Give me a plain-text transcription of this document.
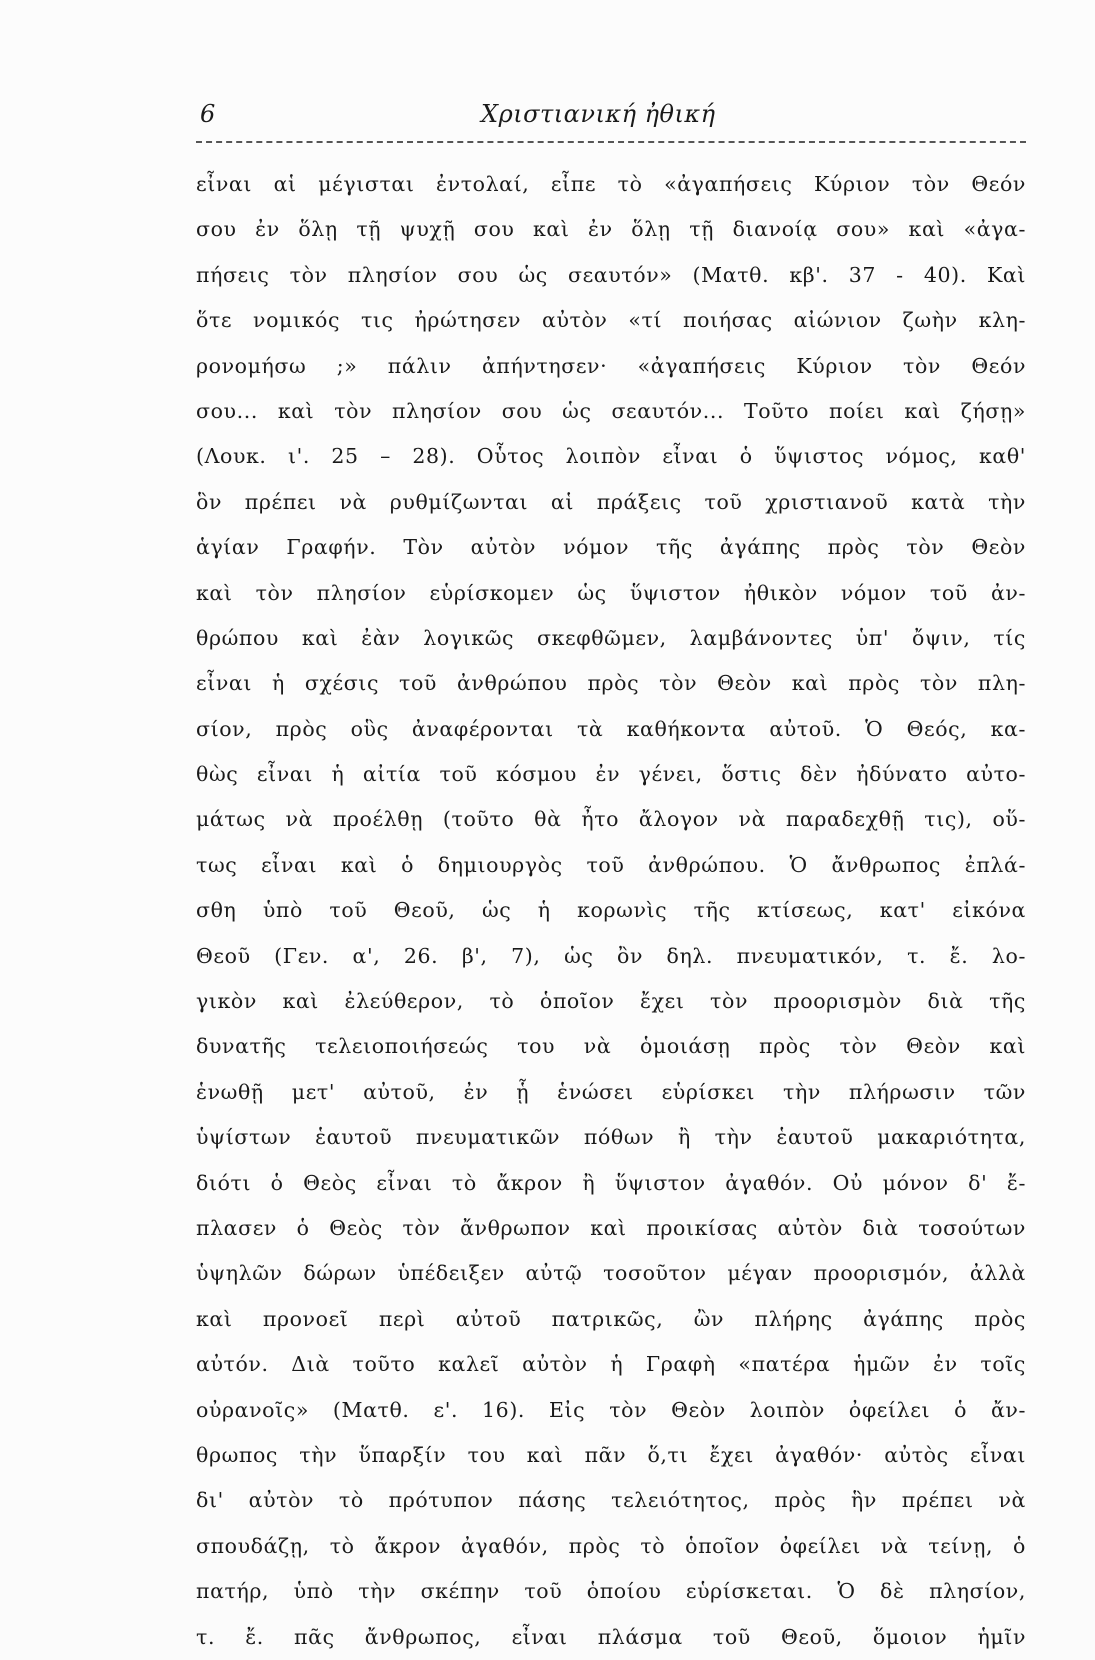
6	Χριστιανική ἠθική
εἶναι αἱ μέγισται ἐντολαί, εἶπε τὸ «ἀγαπήσεις Κύριον τὸν Θεόν
σου ἐν ὅλῃ τῇ ψυχῇ σου καὶ ἐν ὅλῃ τῇ διανοίᾳ σου» καὶ «ἀγα-
πήσεις τὸν πλησίον σου ὡς σεαυτόν» (Ματθ. κβ'. 37 - 40). Καὶ
ὅτε νομικός τις ἠρώτησεν αὐτὸν «τί ποιήσας αἰώνιον ζωὴν κλη-
ρονομήσω ;» πάλιν ἀπήντησεν· «ἀγαπήσεις Κύριον τὸν Θεόν
σου... καὶ τὸν πλησίον σου ὡς σεαυτόν... Τοῦτο ποίει καὶ ζήσῃ»
(Λουκ. ι'. 25 – 28). Οὗτος λοιπὸν εἶναι ὁ ὕψιστος νόμος, καθ'
ὃν πρέπει νὰ ρυθμίζωνται αἱ πράξεις τοῦ χριστιανοῦ κατὰ τὴν
ἁγίαν Γραφήν. Τὸν αὐτὸν νόμον τῆς ἀγάπης πρὸς τὸν Θεὸν
καὶ τὸν πλησίον εὑρίσκομεν ὡς ὕψιστον ἠθικὸν νόμον τοῦ ἀν-
θρώπου καὶ ἐὰν λογικῶς σκεφθῶμεν, λαμβάνοντες ὑπ' ὄψιν, τίς
εἶναι ἡ σχέσις τοῦ ἀνθρώπου πρὸς τὸν Θεὸν καὶ πρὸς τὸν πλη-
σίον, πρὸς οὓς ἀναφέρονται τὰ καθήκοντα αὐτοῦ. Ὁ Θεός, κα-
θὼς εἶναι ἡ αἰτία τοῦ κόσμου ἐν γένει, ὅστις δὲν ἠδύνατο αὐτο-
μάτως νὰ προέλθῃ (τοῦτο θὰ ἦτο ἄλογον νὰ παραδεχθῇ τις), οὕ-
τως εἶναι καὶ ὁ δημιουργὸς τοῦ ἀνθρώπου. Ὁ ἄνθρωπος ἐπλά-
σθη ὑπὸ τοῦ Θεοῦ, ὡς ἡ κορωνὶς τῆς κτίσεως, κατ' εἰκόνα
Θεοῦ (Γεν. α', 26. β', 7), ὡς ὂν δηλ. πνευματικόν, τ. ἔ. λο-
γικὸν καὶ ἐλεύθερον, τὸ ὁποῖον ἔχει τὸν προορισμὸν διὰ τῆς
δυνατῆς τελειοποιήσεώς του νὰ ὁμοιάσῃ πρὸς τὸν Θεὸν καὶ
ἑνωθῇ μετ' αὐτοῦ, ἐν ᾗ ἑνώσει εὑρίσκει τὴν πλήρωσιν τῶν
ὑψίστων ἑαυτοῦ πνευματικῶν πόθων ἢ τὴν ἑαυτοῦ μακαριότητα,
διότι ὁ Θεὸς εἶναι τὸ ἄκρον ἢ ὕψιστον ἀγαθόν. Οὐ μόνον δ' ἔ-
πλασεν ὁ Θεὸς τὸν ἄνθρωπον καὶ προικίσας αὐτὸν διὰ τοσούτων
ὑψηλῶν δώρων ὑπέδειξεν αὐτῷ τοσοῦτον μέγαν προορισμόν, ἀλλὰ
καὶ προνοεῖ περὶ αὐτοῦ πατρικῶς, ὢν πλήρης ἀγάπης πρὸς
αὐτόν. Διὰ τοῦτο καλεῖ αὐτὸν ἡ Γραφὴ «πατέρα ἡμῶν ἐν τοῖς
οὐρανοῖς» (Ματθ. ε'. 16). Εἰς τὸν Θεὸν λοιπὸν ὀφείλει ὁ ἄν-
θρωπος τὴν ὕπαρξίν του καὶ πᾶν ὅ,τι ἔχει ἀγαθόν· αὐτὸς εἶναι
δι' αὐτὸν τὸ πρότυπον πάσης τελειότητος, πρὸς ἣν πρέπει νὰ
σπουδάζῃ, τὸ ἄκρον ἀγαθόν, πρὸς τὸ ὁποῖον ὀφείλει νὰ τείνῃ, ὁ
πατήρ, ὑπὸ τὴν σκέπην τοῦ ὁποίου εὑρίσκεται. Ὁ δὲ πλησίον,
τ. ἔ. πᾶς ἄνθρωπος, εἶναι πλάσμα τοῦ Θεοῦ, ὅμοιον ἡμῖν
